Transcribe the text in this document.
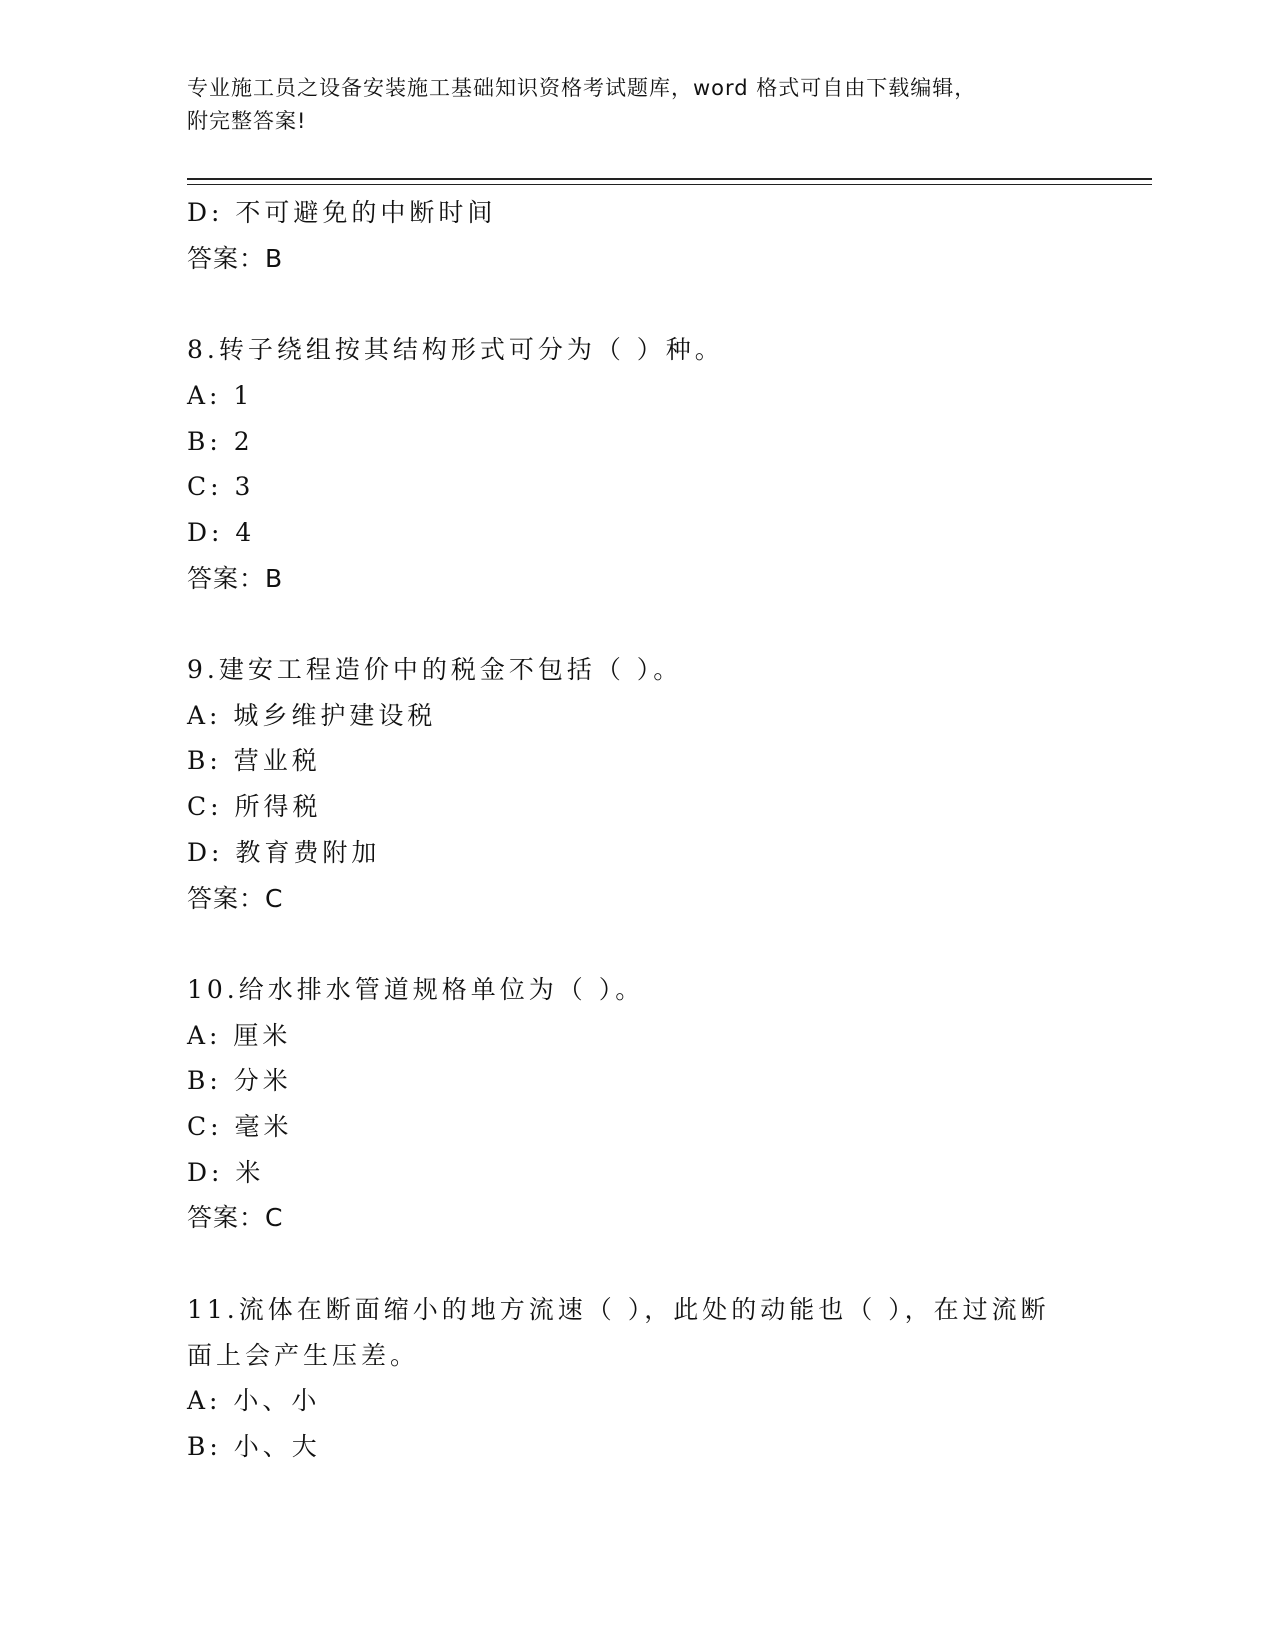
专业施工员之设备安装施工基础知识资格考试题库，word 格式可自由下载编辑，
附完整答案!
D: 不可避免的中断时间
答案：B
8.转子绕组按其结构形式可分为（ ）种。
A: 1
B: 2
C: 3
D: 4
答案：B
9.建安工程造价中的税金不包括（ ）。
A: 城乡维护建设税
B: 营业税
C: 所得税
D: 教育费附加
答案：C
10.给水排水管道规格单位为（ ）。
A: 厘米
B: 分米
C: 毫米
D: 米
答案：C
11.流体在断面缩小的地方流速（ ），此处的动能也（ ），在过流断
面上会产生压差。
A: 小、小
B: 小、大
